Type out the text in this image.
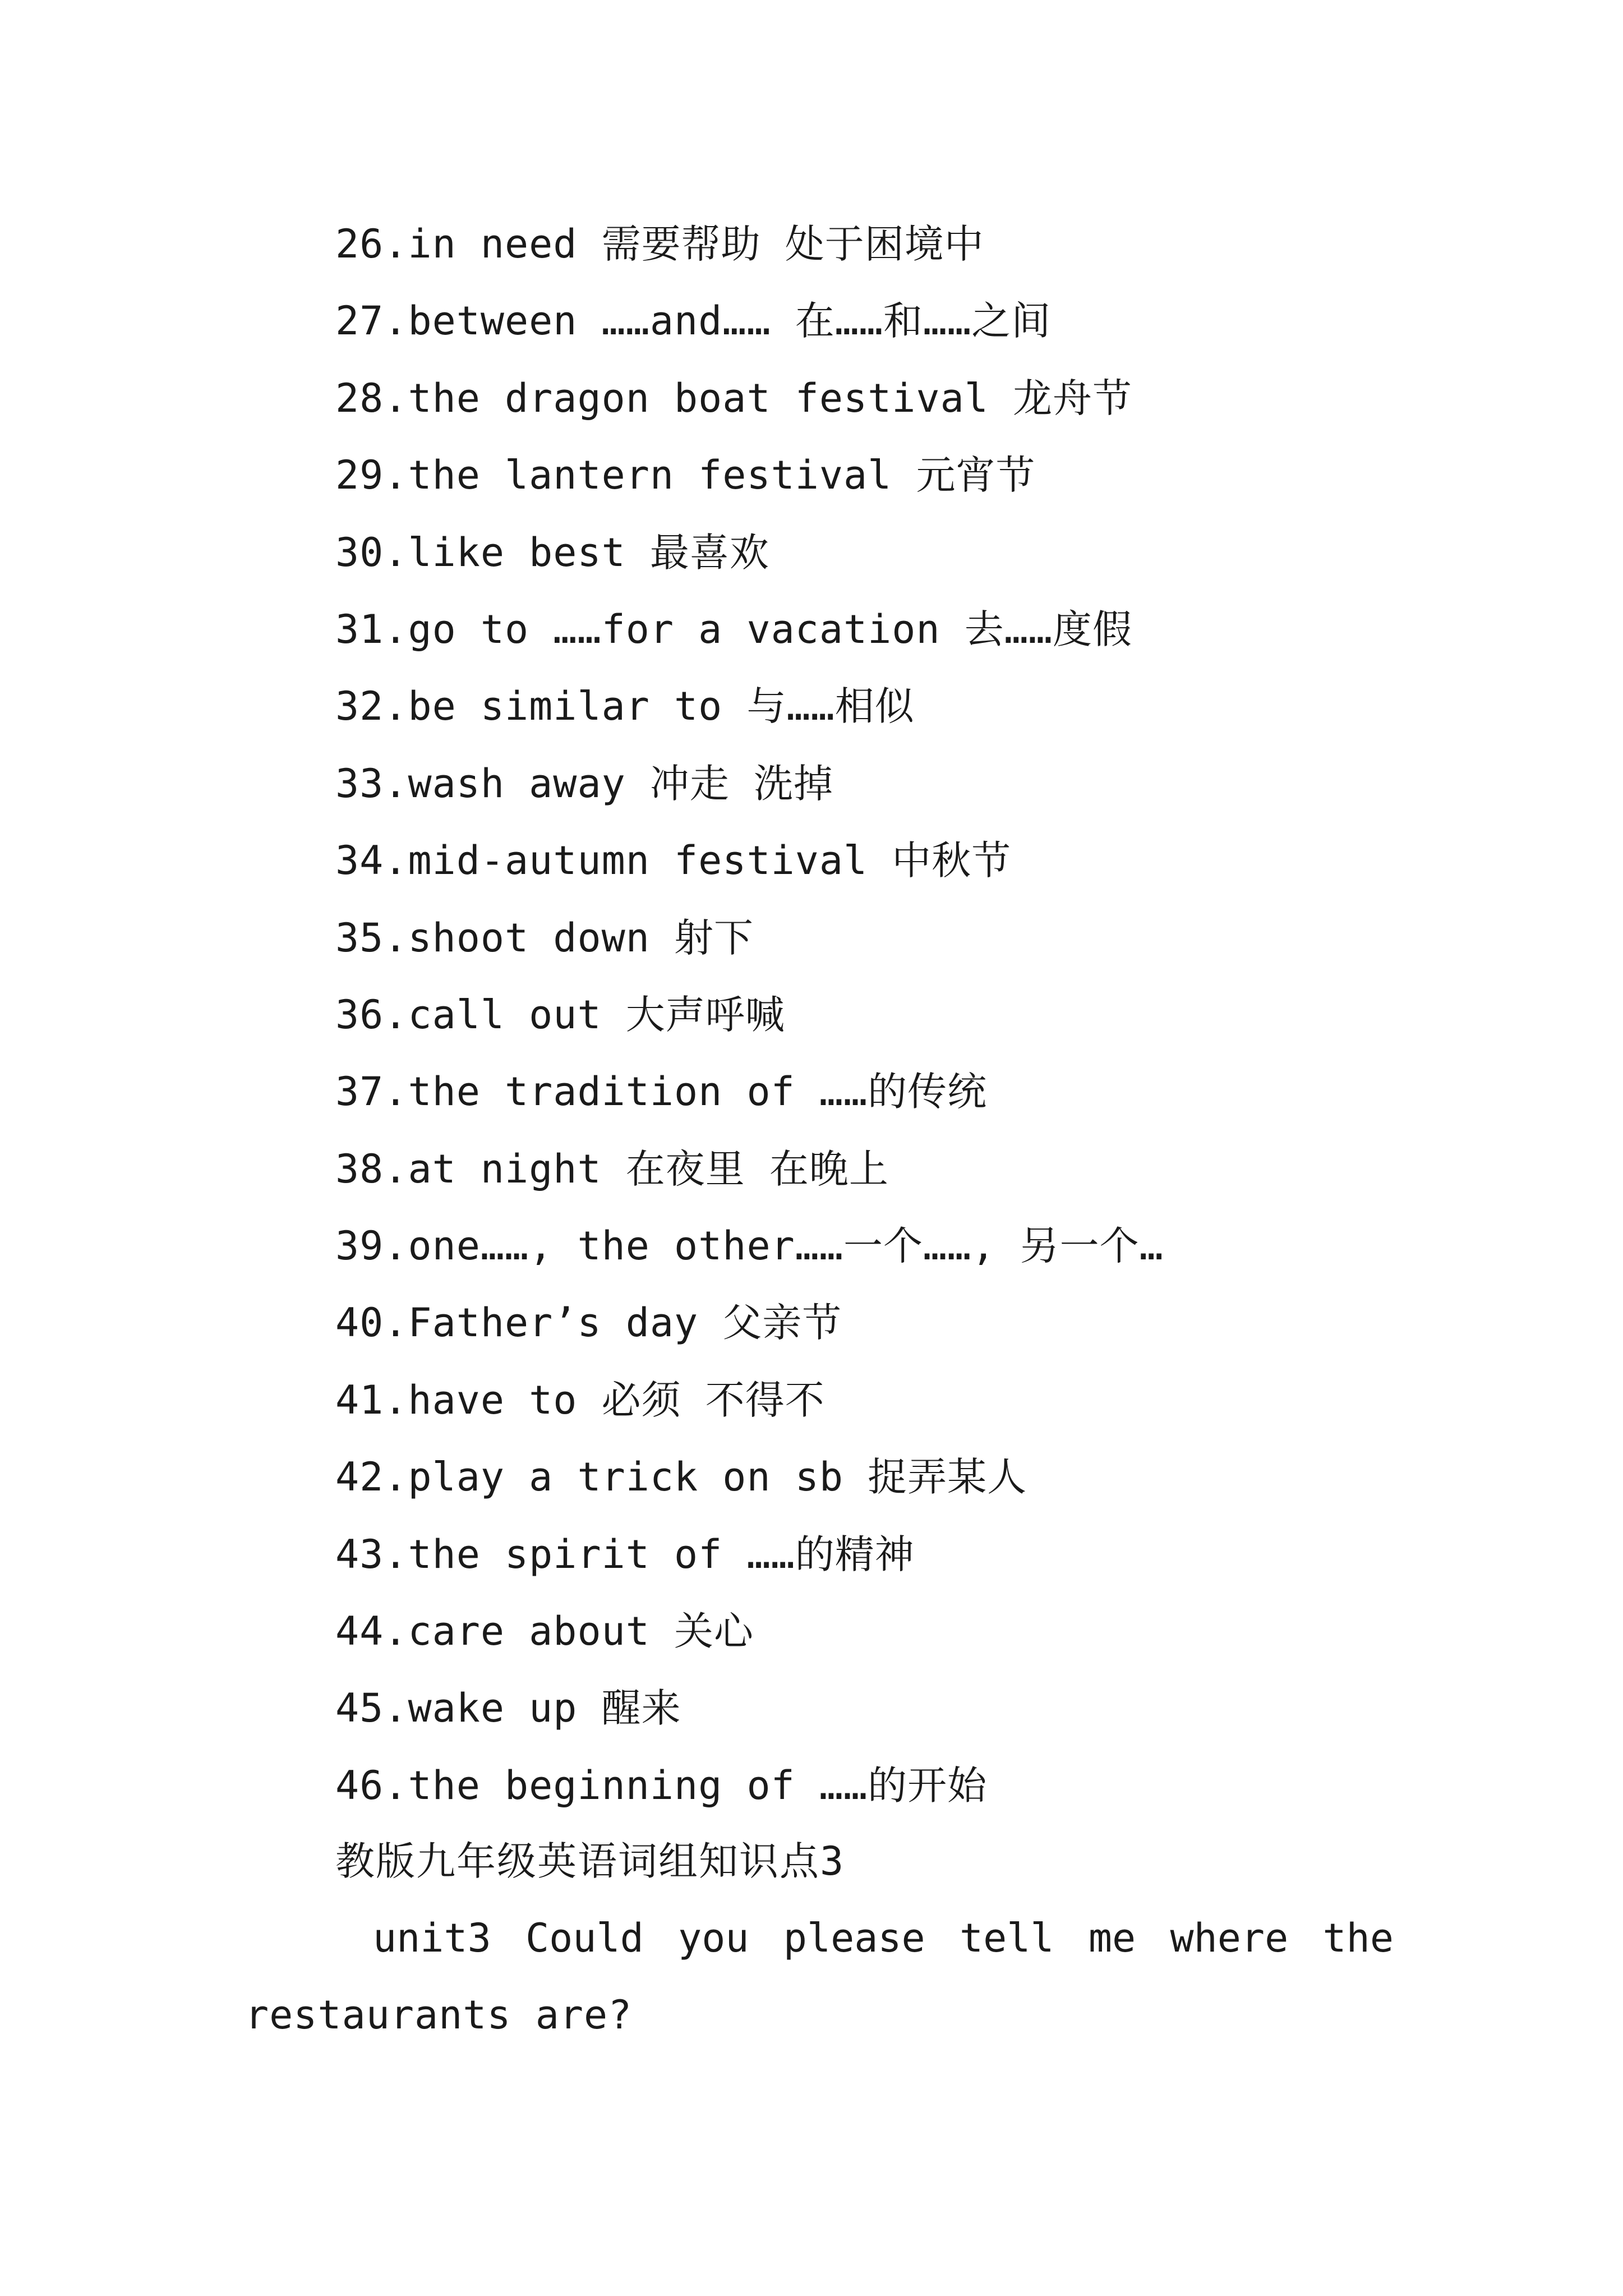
26.in need 需要帮助 处于困境中
27.between ……and…… 在……和……之间
28.the dragon boat festival 龙舟节
29.the lantern festival 元宵节
30.like best 最喜欢
31.go to ……for a vacation 去……度假
32.be similar to 与……相似
33.wash away 冲走 洗掉
34.mid-autumn festival 中秋节
35.shoot down 射下
36.call out 大声呼喊
37.the tradition of ……的传统
38.at night 在夜里 在晚上
39.one……, the other……一个……, 另一个…
40.Father’s day 父亲节
41.have to 必须 不得不
42.play a trick on sb 捉弄某人
43.the spirit of ……的精神
44.care about 关心
45.wake up 醒来
46.the beginning of ……的开始
教版九年级英语词组知识点3
unit3 Could you please tell me where the
restaurants are?
